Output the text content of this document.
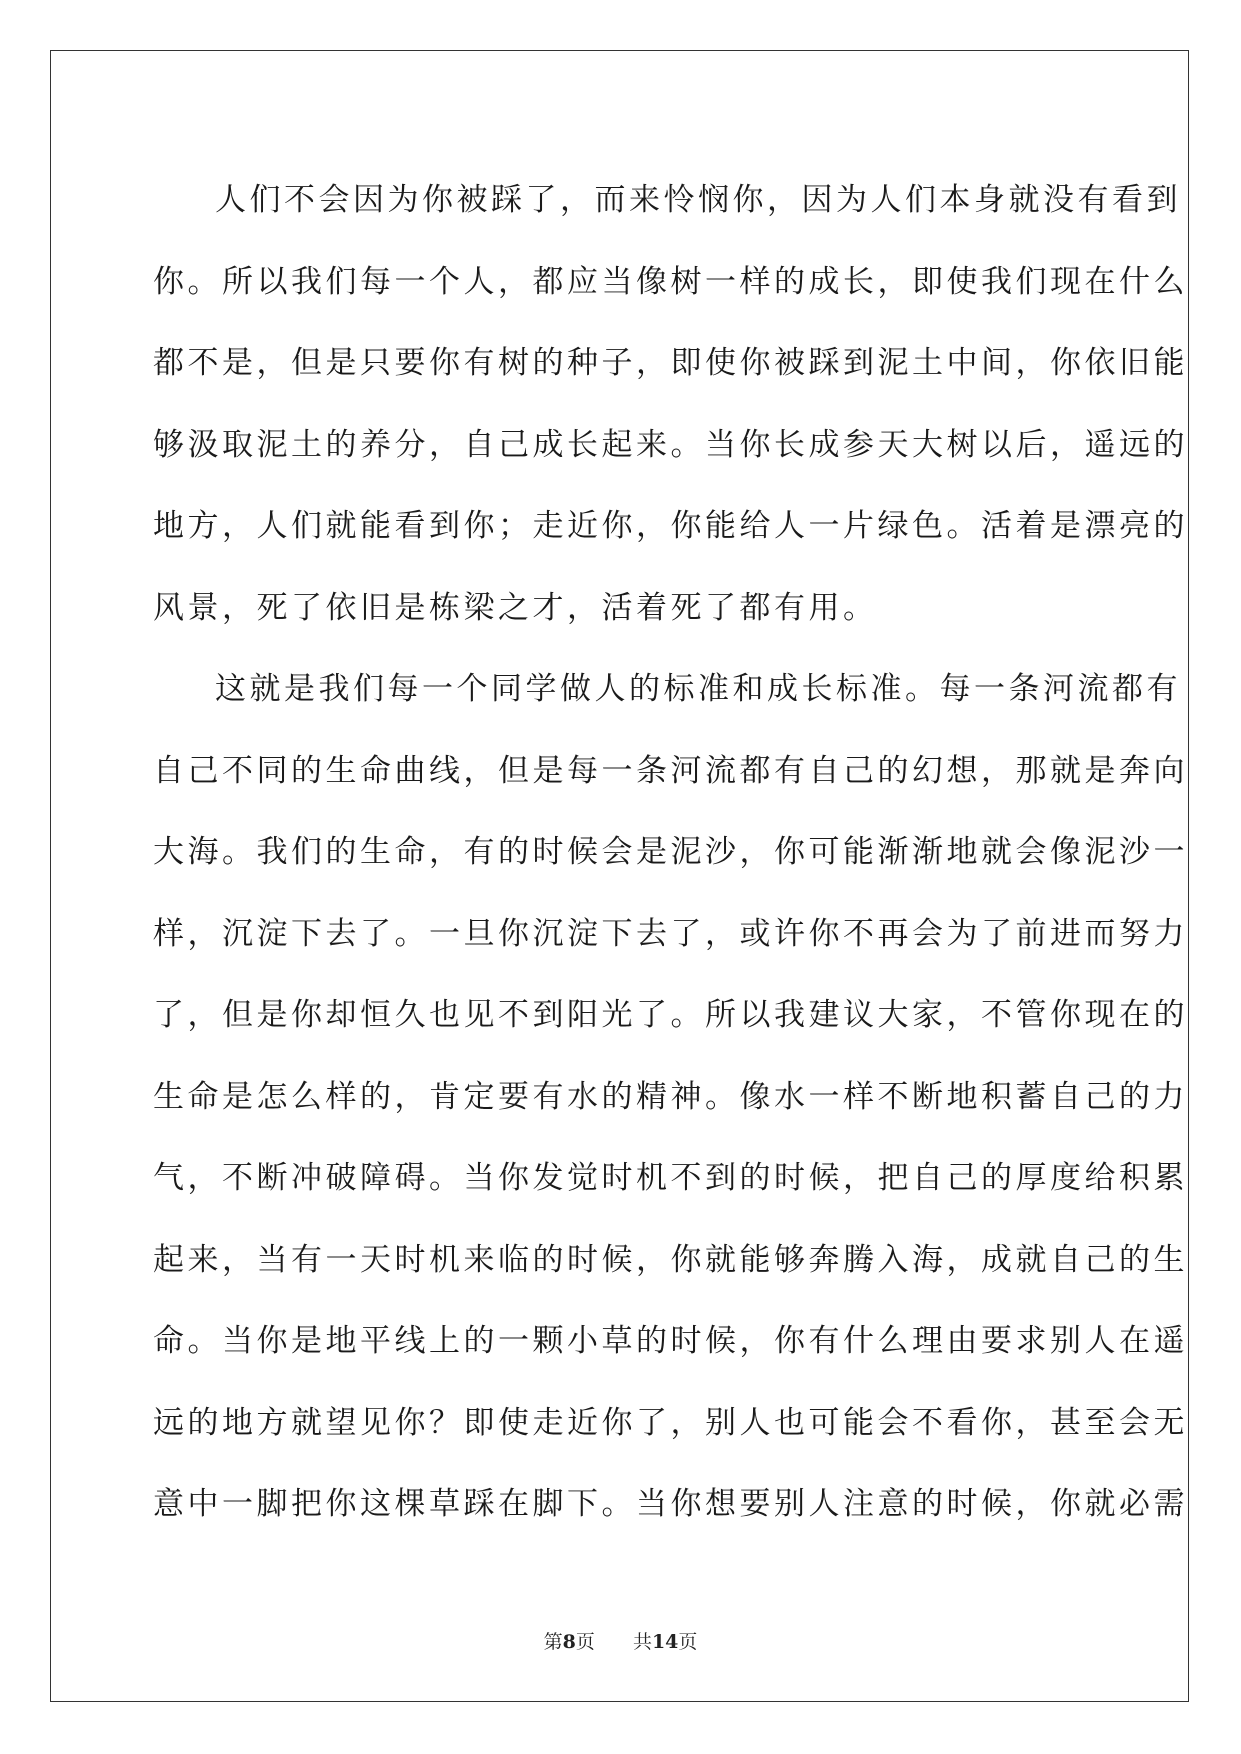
人们不会因为你被踩了，而来怜悯你，因为人们本身就没有看到
你。所以我们每一个人，都应当像树一样的成长，即使我们现在什么
都不是，但是只要你有树的种子，即使你被踩到泥土中间，你依旧能
够汲取泥土的养分，自己成长起来。当你长成参天大树以后，遥远的
地方，人们就能看到你；走近你，你能给人一片绿色。活着是漂亮的
风景，死了依旧是栋梁之才，活着死了都有用。

这就是我们每一个同学做人的标准和成长标准。每一条河流都有
自己不同的生命曲线，但是每一条河流都有自己的幻想，那就是奔向
大海。我们的生命，有的时候会是泥沙，你可能渐渐地就会像泥沙一
样，沉淀下去了。一旦你沉淀下去了，或许你不再会为了前进而努力
了，但是你却恒久也见不到阳光了。所以我建议大家，不管你现在的
生命是怎么样的，肯定要有水的精神。像水一样不断地积蓄自己的力
气，不断冲破障碍。当你发觉时机不到的时候，把自己的厚度给积累
起来，当有一天时机来临的时候，你就能够奔腾入海，成就自己的生
命。当你是地平线上的一颗小草的时候，你有什么理由要求别人在遥
远的地方就望见你？即使走近你了，别人也可能会不看你，甚至会无
意中一脚把你这棵草踩在脚下。当你想要别人注意的时候，你就必需

第8页 共14页
